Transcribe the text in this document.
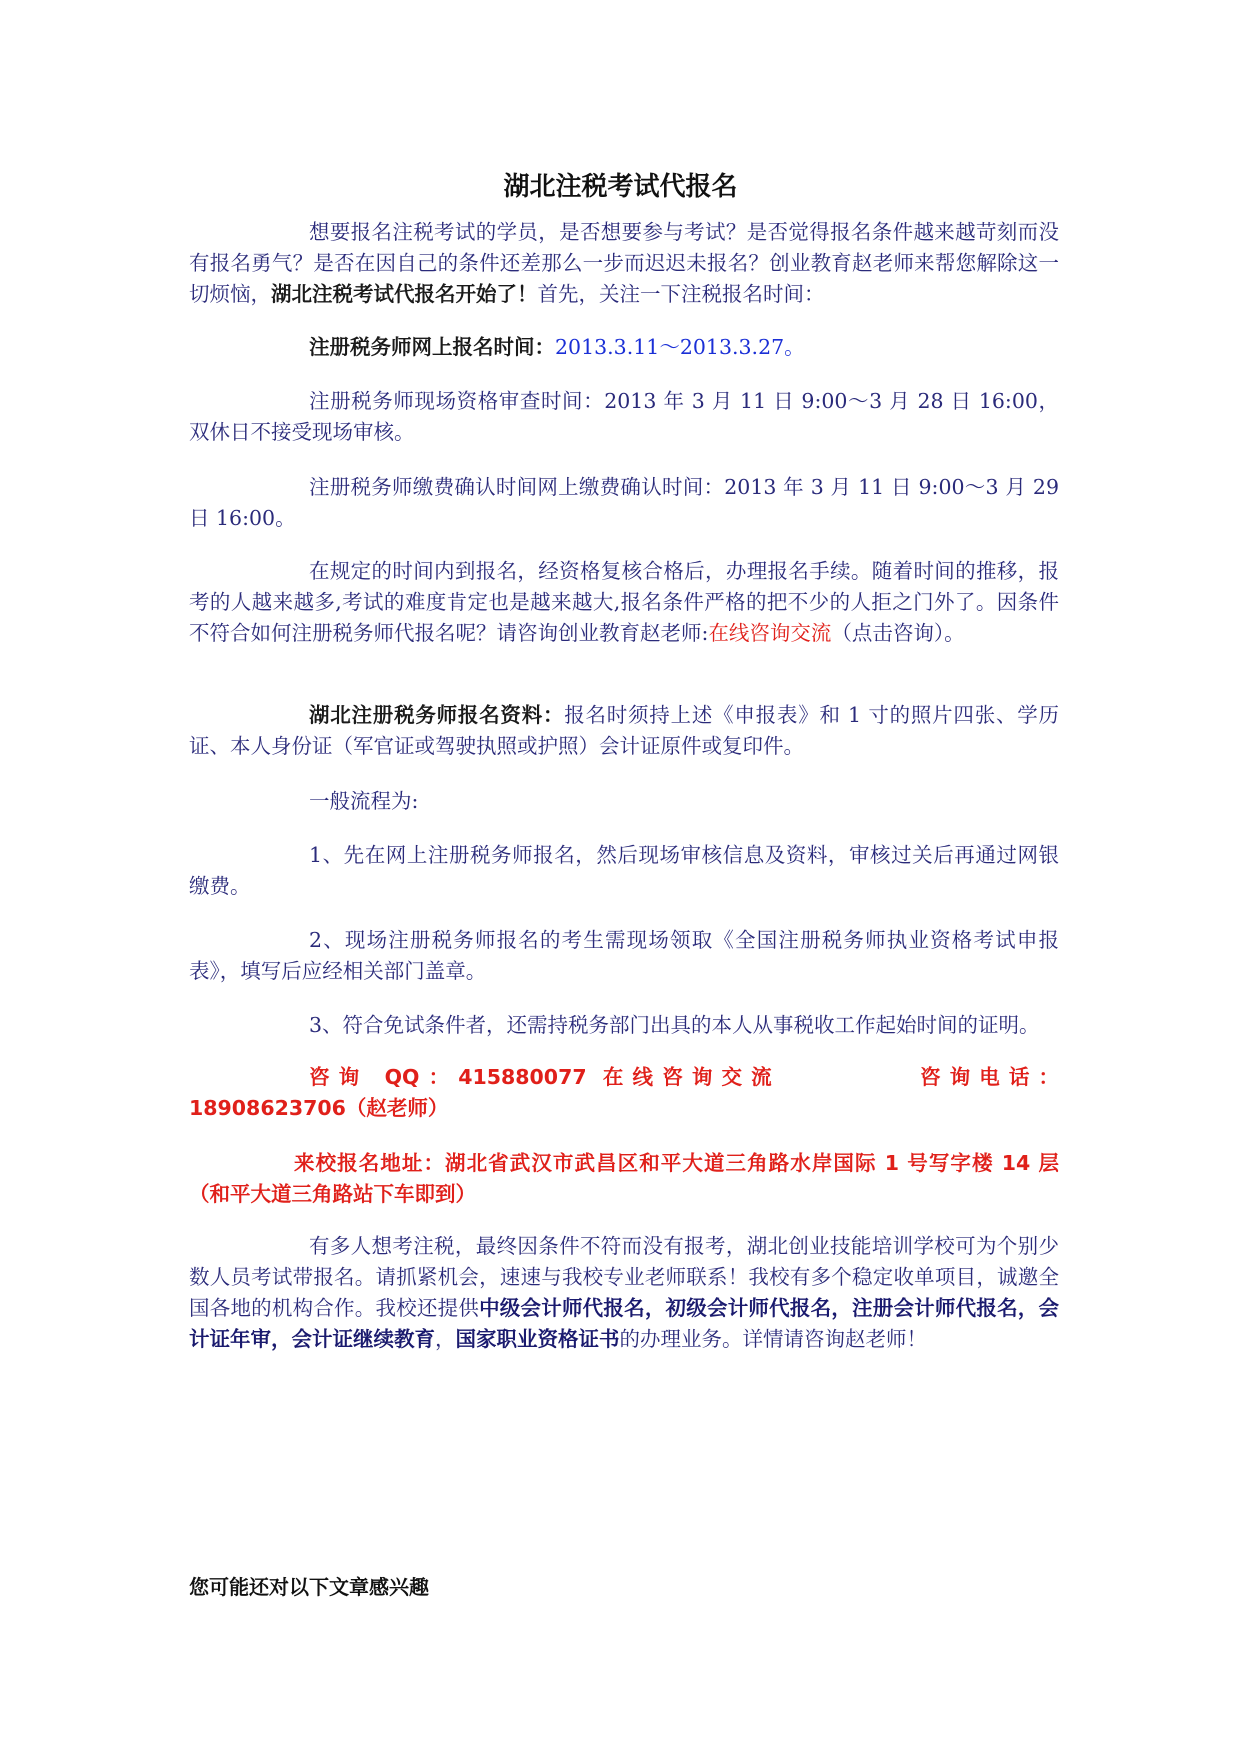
湖北注税考试代报名

想要报名注税考试的学员，是否想要参与考试？是否觉得报名条件越来越苛刻而没有报名勇气？是否在因自己的条件还差那么一步而迟迟未报名？创业教育赵老师来帮您解除这一切烦恼，湖北注税考试代报名开始了！首先，关注一下注税报名时间：

注册税务师网上报名时间：2013.3.11～2013.3.27。

注册税务师现场资格审查时间：2013 年 3 月 11 日 9:00～3 月 28 日 16:00，双休日不接受现场审核。

注册税务师缴费确认时间网上缴费确认时间：2013 年 3 月 11 日 9:00～3 月 29 日 16:00。

在规定的时间内到报名，经资格复核合格后，办理报名手续。随着时间的推移，报考的人越来越多,考试的难度肯定也是越来越大,报名条件严格的把不少的人拒之门外了。因条件不符合如何注册税务师代报名呢？请咨询创业教育赵老师:在线咨询交流（点击咨询）。

湖北注册税务师报名资料：报名时须持上述《申报表》和 1 寸的照片四张、学历证、本人身份证（军官证或驾驶执照或护照）会计证原件或复印件。

一般流程为:

1、先在网上注册税务师报名，然后现场审核信息及资料，审核过关后再通过网银缴费。

2、现场注册税务师报名的考生需现场领取《全国注册税务师执业资格考试申报表》，填写后应经相关部门盖章。

3、符合免试条件者，还需持税务部门出具的本人从事税收工作起始时间的证明。

咨询 QQ：415880077 在线咨询交流	咨询电话：18908623706（赵老师）

来校报名地址：湖北省武汉市武昌区和平大道三角路水岸国际 1 号写字楼 14 层（和平大道三角路站下车即到）

有多人想考注税，最终因条件不符而没有报考，湖北创业技能培训学校可为个别少数人员考试带报名。请抓紧机会，速速与我校专业老师联系！我校有多个稳定收单项目，诚邀全国各地的机构合作。我校还提供中级会计师代报名，初级会计师代报名，注册会计师代报名，会计证年审，会计证继续教育，国家职业资格证书的办理业务。详情请咨询赵老师！

您可能还对以下文章感兴趣
